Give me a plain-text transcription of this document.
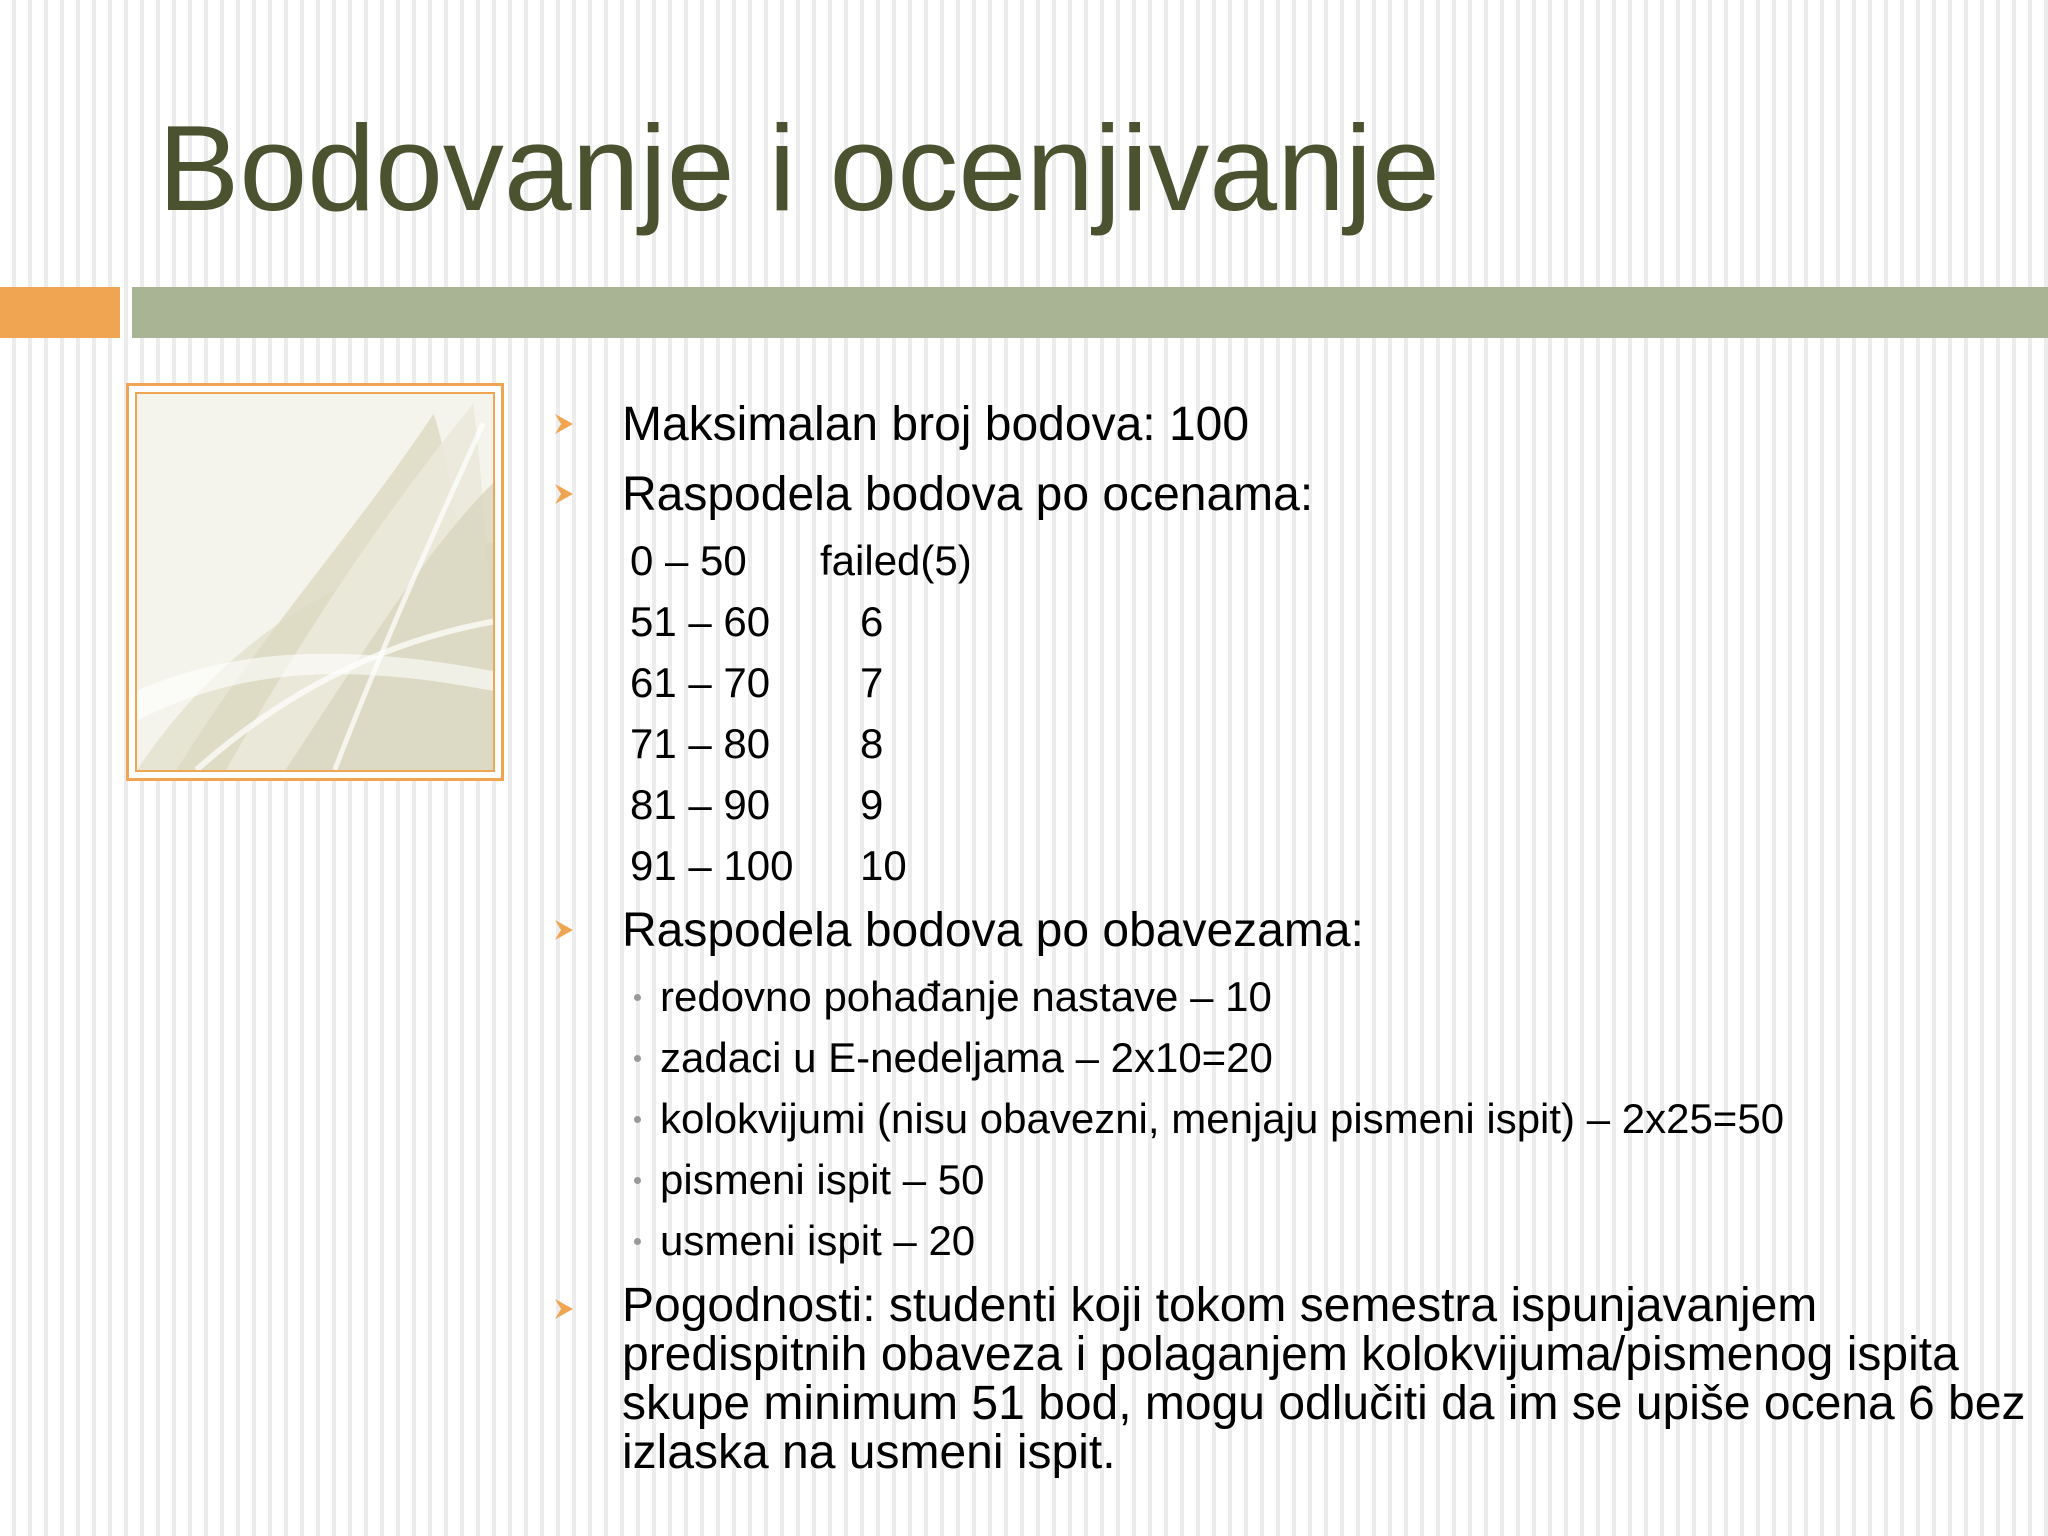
Bodovanje i ocenjivanje
Maksimalan broj bodova: 100
Raspodela bodova po ocenama:
0 – 50	failed(5)
51 – 60	6
61 – 70	7
71 – 80	8
81 – 90	9
91 – 100	10
Raspodela bodova po obavezama:
redovno pohađanje nastave – 10
zadaci u E-nedeljama – 2x10=20
kolokvijumi (nisu obavezni, menjaju pismeni ispit) – 2x25=50
pismeni ispit – 50
usmeni ispit – 20
Pogodnosti: studenti koji tokom semestra ispunjavanjem predispitnih obaveza i polaganjem kolokvijuma/pismenog ispita skupe minimum 51 bod, mogu odlučiti da im se upiše ocena 6 bez izlaska na usmeni ispit.
